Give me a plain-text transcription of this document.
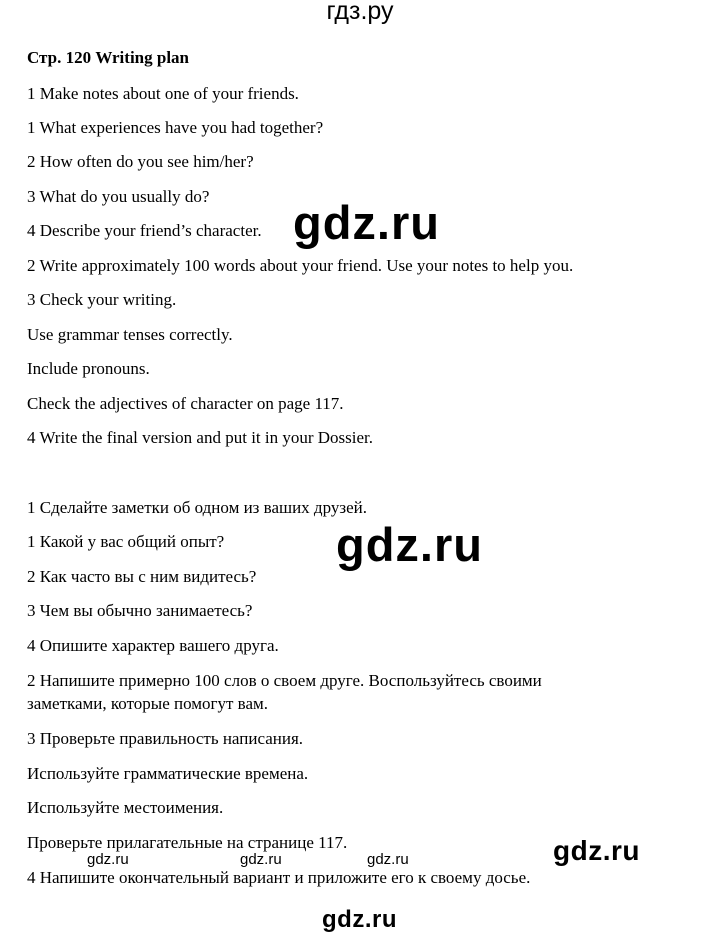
гдз.ру
Стр. 120 Writing plan
1 Make notes about one of your friends.
1 What experiences have you had together?
2 How often do you see him/her?
3 What do you usually do?
4 Describe your friend’s character.
2 Write approximately 100 words about your friend. Use your notes to help you.
3 Check your writing.
Use grammar tenses correctly.
Include pronouns.
Check the adjectives of character on page 117.
4 Write the final version and put it in your Dossier.
1 Сделайте заметки об одном из ваших друзей.
1 Какой у вас общий опыт?
2 Как часто вы с ним видитесь?
3 Чем вы обычно занимаетесь?
4 Опишите характер вашего друга.
2 Напишите примерно 100 слов о своем друге. Воспользуйтесь своими
заметками, которые помогут вам.
3 Проверьте правильность написания.
Используйте грамматические времена.
Используйте местоимения.
Проверьте прилагательные на странице 117.
4 Напишите окончательный вариант и приложите его к своему досье.
gdz.ru
gdz.ru
gdz.ru
gdz.ru	gdz.ru	gdz.ru
gdz.ru
